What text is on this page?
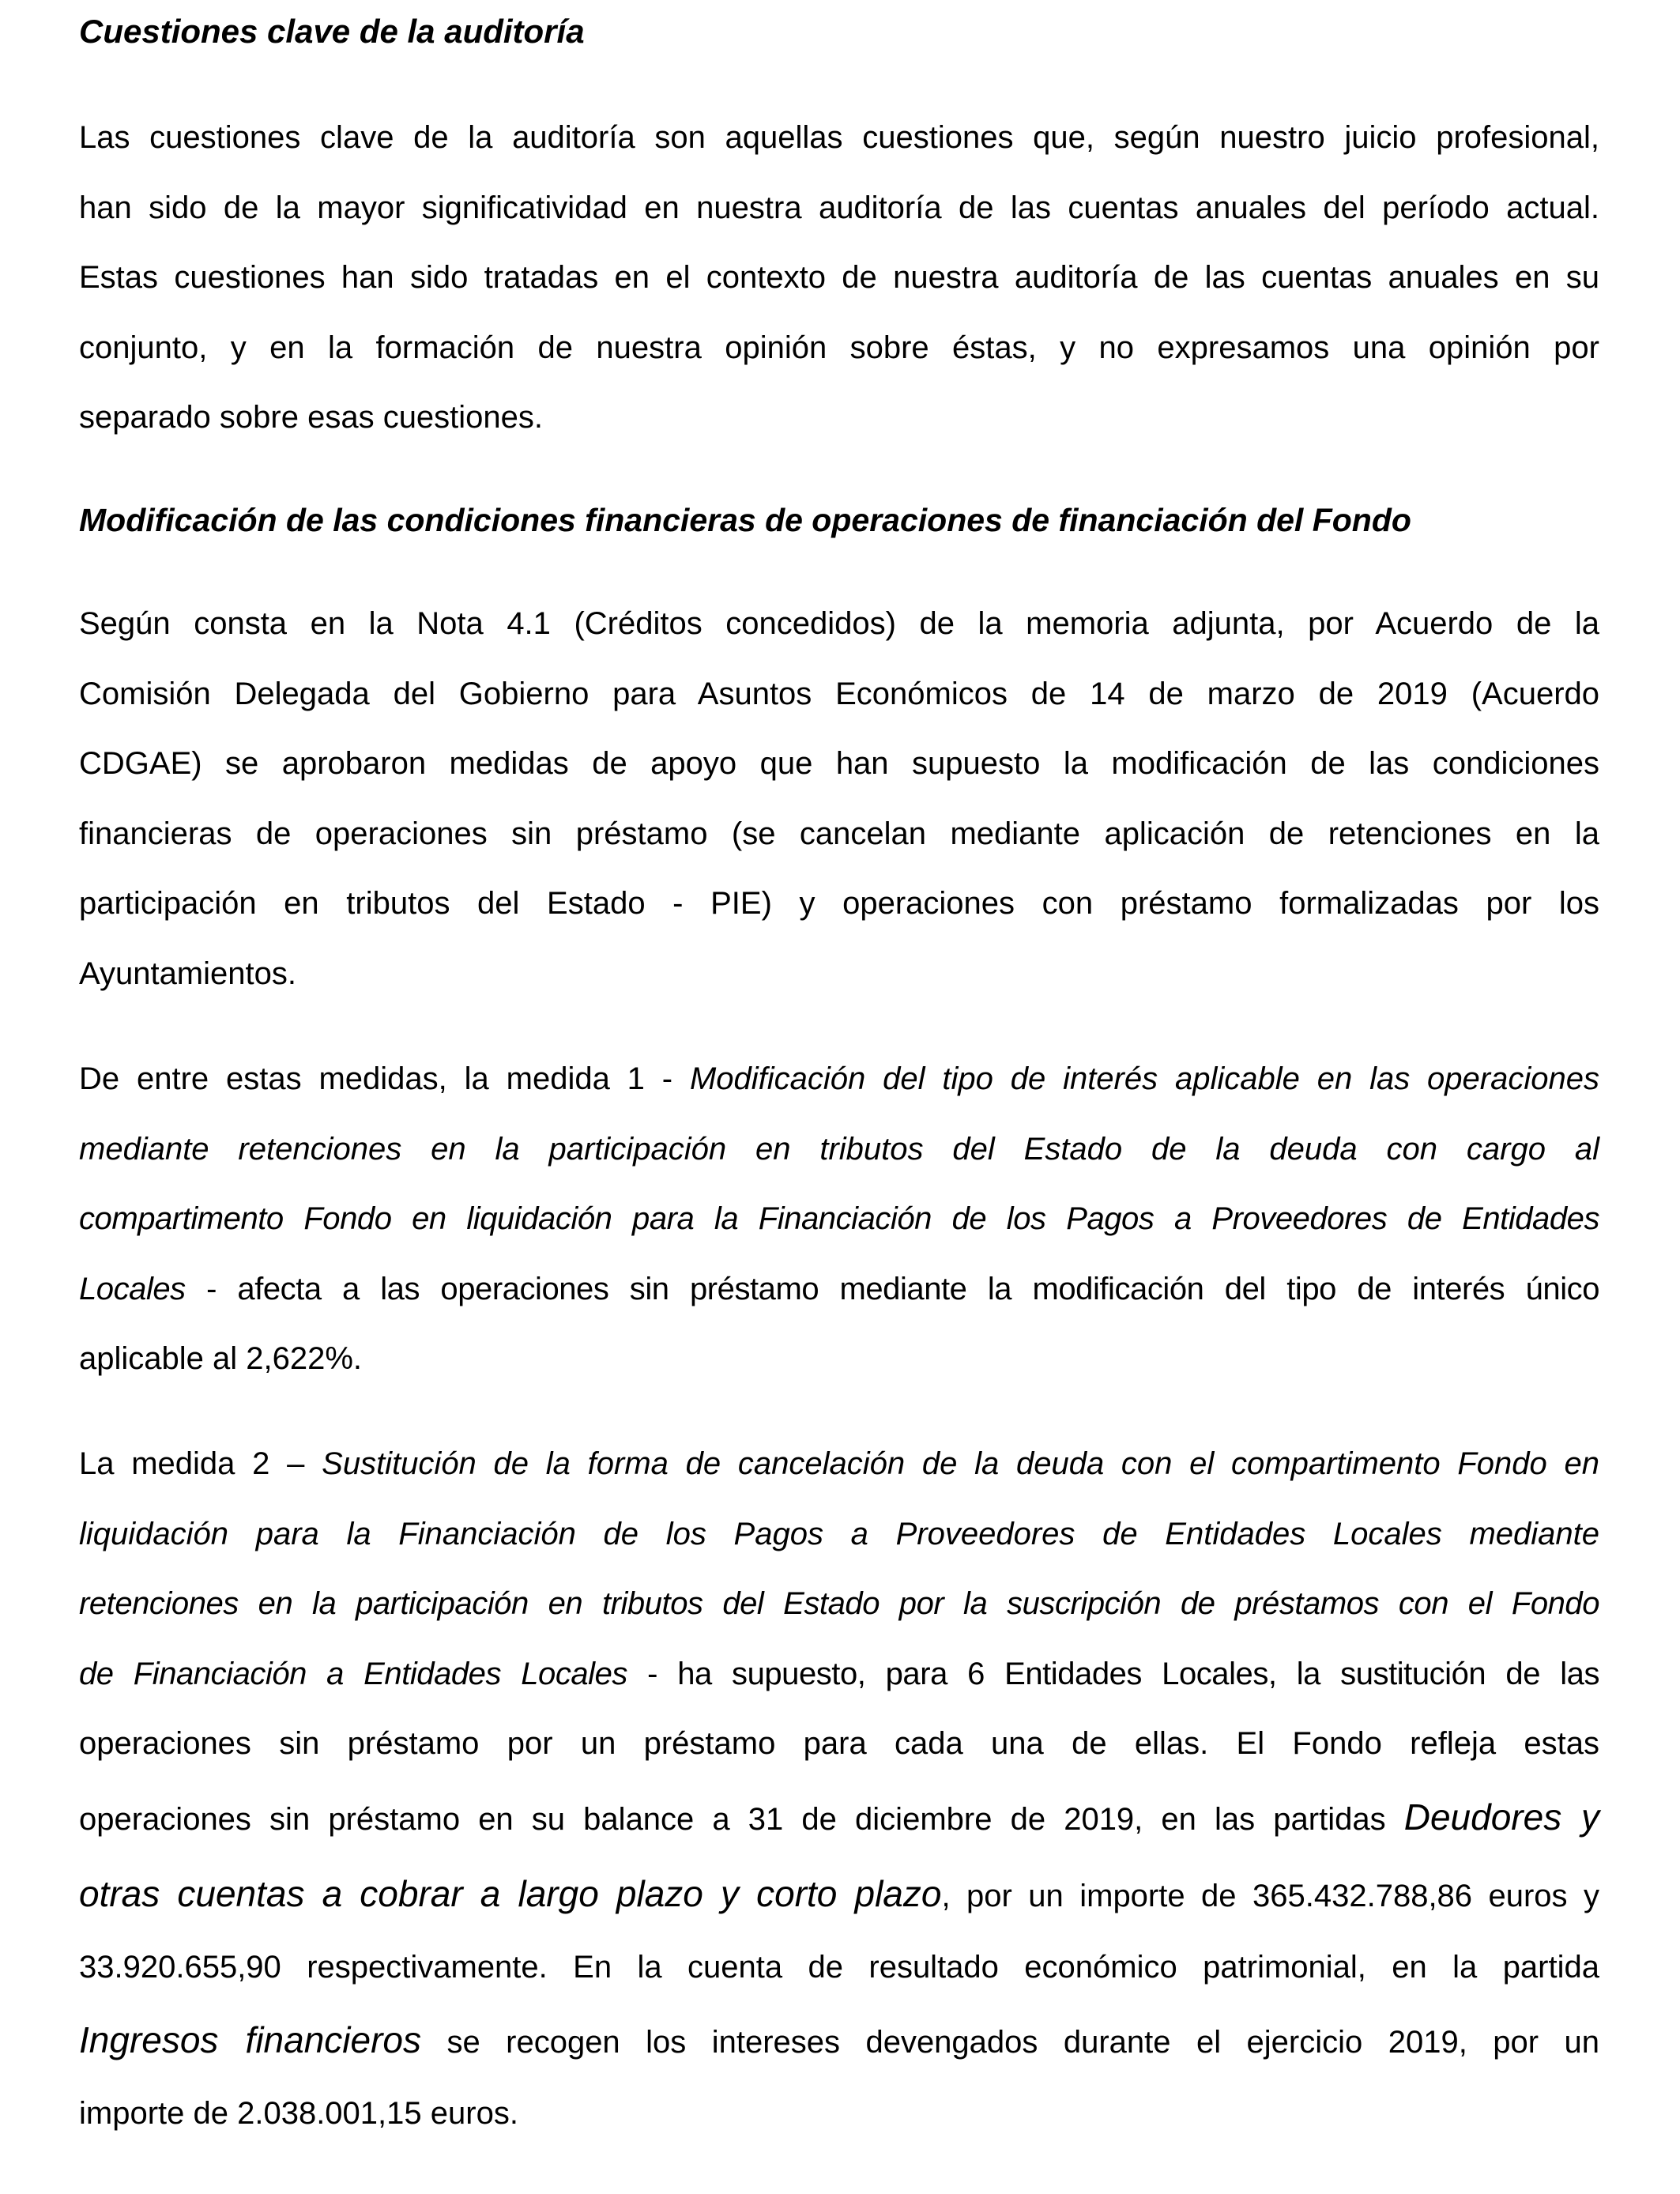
Cuestiones clave de la auditoría
Las cuestiones clave de la auditoría son aquellas cuestiones que, según nuestro juicio profesional,
han sido de la mayor significatividad en nuestra auditoría de las cuentas anuales del período actual.
Estas cuestiones han sido tratadas en el contexto de nuestra auditoría de las cuentas anuales en su
conjunto, y en la formación de nuestra opinión sobre éstas, y no expresamos una opinión por
separado sobre esas cuestiones.
Modificación de las condiciones financieras de operaciones de financiación del Fondo
Según consta en la Nota 4.1 (Créditos concedidos) de la memoria adjunta, por Acuerdo de la
Comisión Delegada del Gobierno para Asuntos Económicos de 14 de marzo de 2019 (Acuerdo
CDGAE) se aprobaron medidas de apoyo que han supuesto la modificación de las condiciones
financieras de operaciones sin préstamo (se cancelan mediante aplicación de retenciones en la
participación en tributos del Estado - PIE) y operaciones con préstamo formalizadas por los
Ayuntamientos.
De entre estas medidas, la medida 1 - Modificación del tipo de interés aplicable en las operaciones
mediante retenciones en la participación en tributos del Estado de la deuda con cargo al
compartimento Fondo en liquidación para la Financiación de los Pagos a Proveedores de Entidades
Locales - afecta a las operaciones sin préstamo mediante la modificación del tipo de interés único
aplicable al 2,622%.
La medida 2 – Sustitución de la forma de cancelación de la deuda con el compartimento Fondo en
liquidación para la Financiación de los Pagos a Proveedores de Entidades Locales mediante
retenciones en la participación en tributos del Estado por la suscripción de préstamos con el Fondo
de Financiación a Entidades Locales - ha supuesto, para 6 Entidades Locales, la sustitución de las
operaciones sin préstamo por un préstamo para cada una de ellas. El Fondo refleja estas
operaciones sin préstamo en su balance a 31 de diciembre de 2019, en las partidas Deudores y
otras cuentas a cobrar a largo plazo y corto plazo, por un importe de 365.432.788,86 euros y
33.920.655,90 respectivamente. En la cuenta de resultado económico patrimonial, en la partida
Ingresos financieros se recogen los intereses devengados durante el ejercicio 2019, por un
importe de 2.038.001,15 euros.
